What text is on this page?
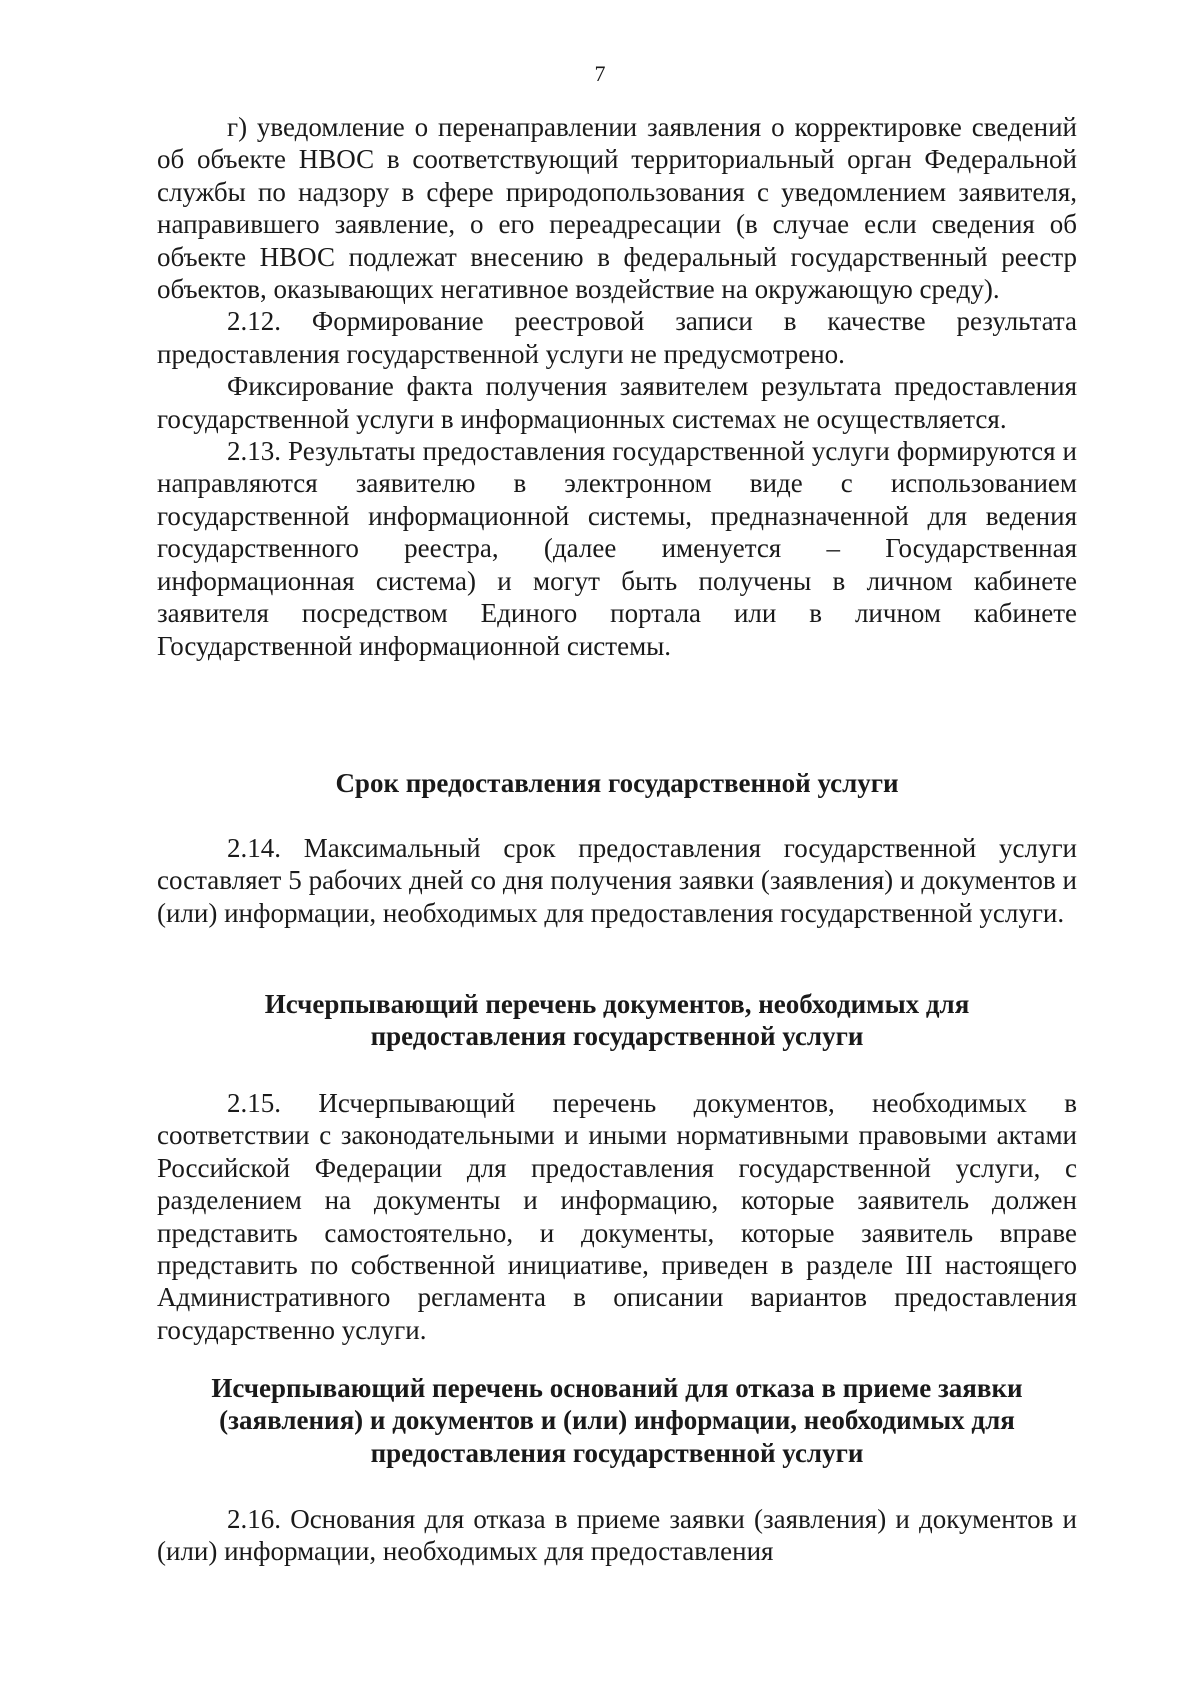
7

г) уведомление о перенаправлении заявления о корректировке сведений об объекте НВОС в соответствующий территориальный орган Федеральной службы по надзору в сфере природопользования с уведомлением заявителя, направившего заявление, о его переадресации (в случае если сведения об объекте НВОС подлежат внесению в федеральный государственный реестр объектов, оказывающих негативное воздействие на окружающую среду).

2.12. Формирование реестровой записи в качестве результата предоставления государственной услуги не предусмотрено.

Фиксирование факта получения заявителем результата предоставления государственной услуги в информационных системах не осуществляется.

2.13. Результаты предоставления государственной услуги формируются и направляются заявителю в электронном виде с использованием государственной информационной системы, предназначенной для ведения государственного реестра, (далее именуется – Государственная информационная система) и могут быть получены в личном кабинете заявителя посредством Единого портала или в личном кабинете Государственной информационной системы.

Срок предоставления государственной услуги

2.14. Максимальный срок предоставления государственной услуги составляет 5 рабочих дней со дня получения заявки (заявления) и документов и (или) информации, необходимых для предоставления государственной услуги.

Исчерпывающий перечень документов, необходимых для
предоставления государственной услуги

2.15. Исчерпывающий перечень документов, необходимых в соответствии с законодательными и иными нормативными правовыми актами Российской Федерации для предоставления государственной услуги, с разделением на документы и информацию, которые заявитель должен представить самостоятельно, и документы, которые заявитель вправе представить по собственной инициативе, приведен в разделе III настоящего Административного регламента в описании вариантов предоставления государственно услуги.

Исчерпывающий перечень оснований для отказа в приеме заявки
(заявления) и документов и (или) информации, необходимых для
предоставления государственной услуги

2.16. Основания для отказа в приеме заявки (заявления) и документов и (или) информации, необходимых для предоставления
